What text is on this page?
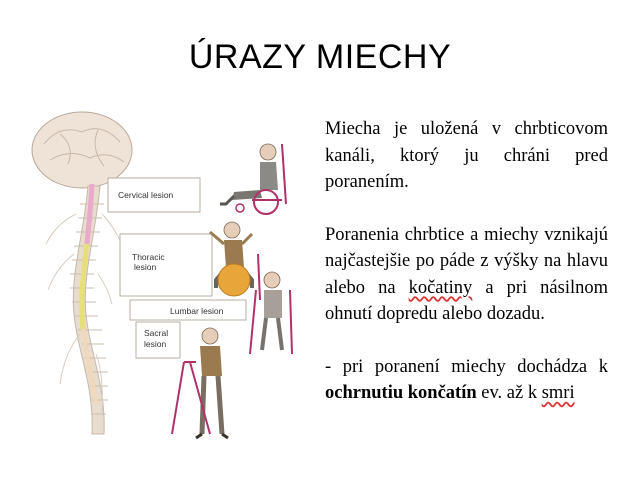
ÚRAZY MIECHY
Cervical lesion
Thoracic
lesion
Lumbar lesion
Sacral
lesion

Miecha je uložená v chrbticovom kanáli, ktorý ju chráni pred poranením.

Poranenia chrbtice a miechy vznikajú najčastejšie po páde z výšky na hlavu alebo na kočatiny a pri násilnom ohnutí dopredu alebo dozadu.

- pri poranení miechy dochádza k ochrnutiu končatín ev. až k smri
